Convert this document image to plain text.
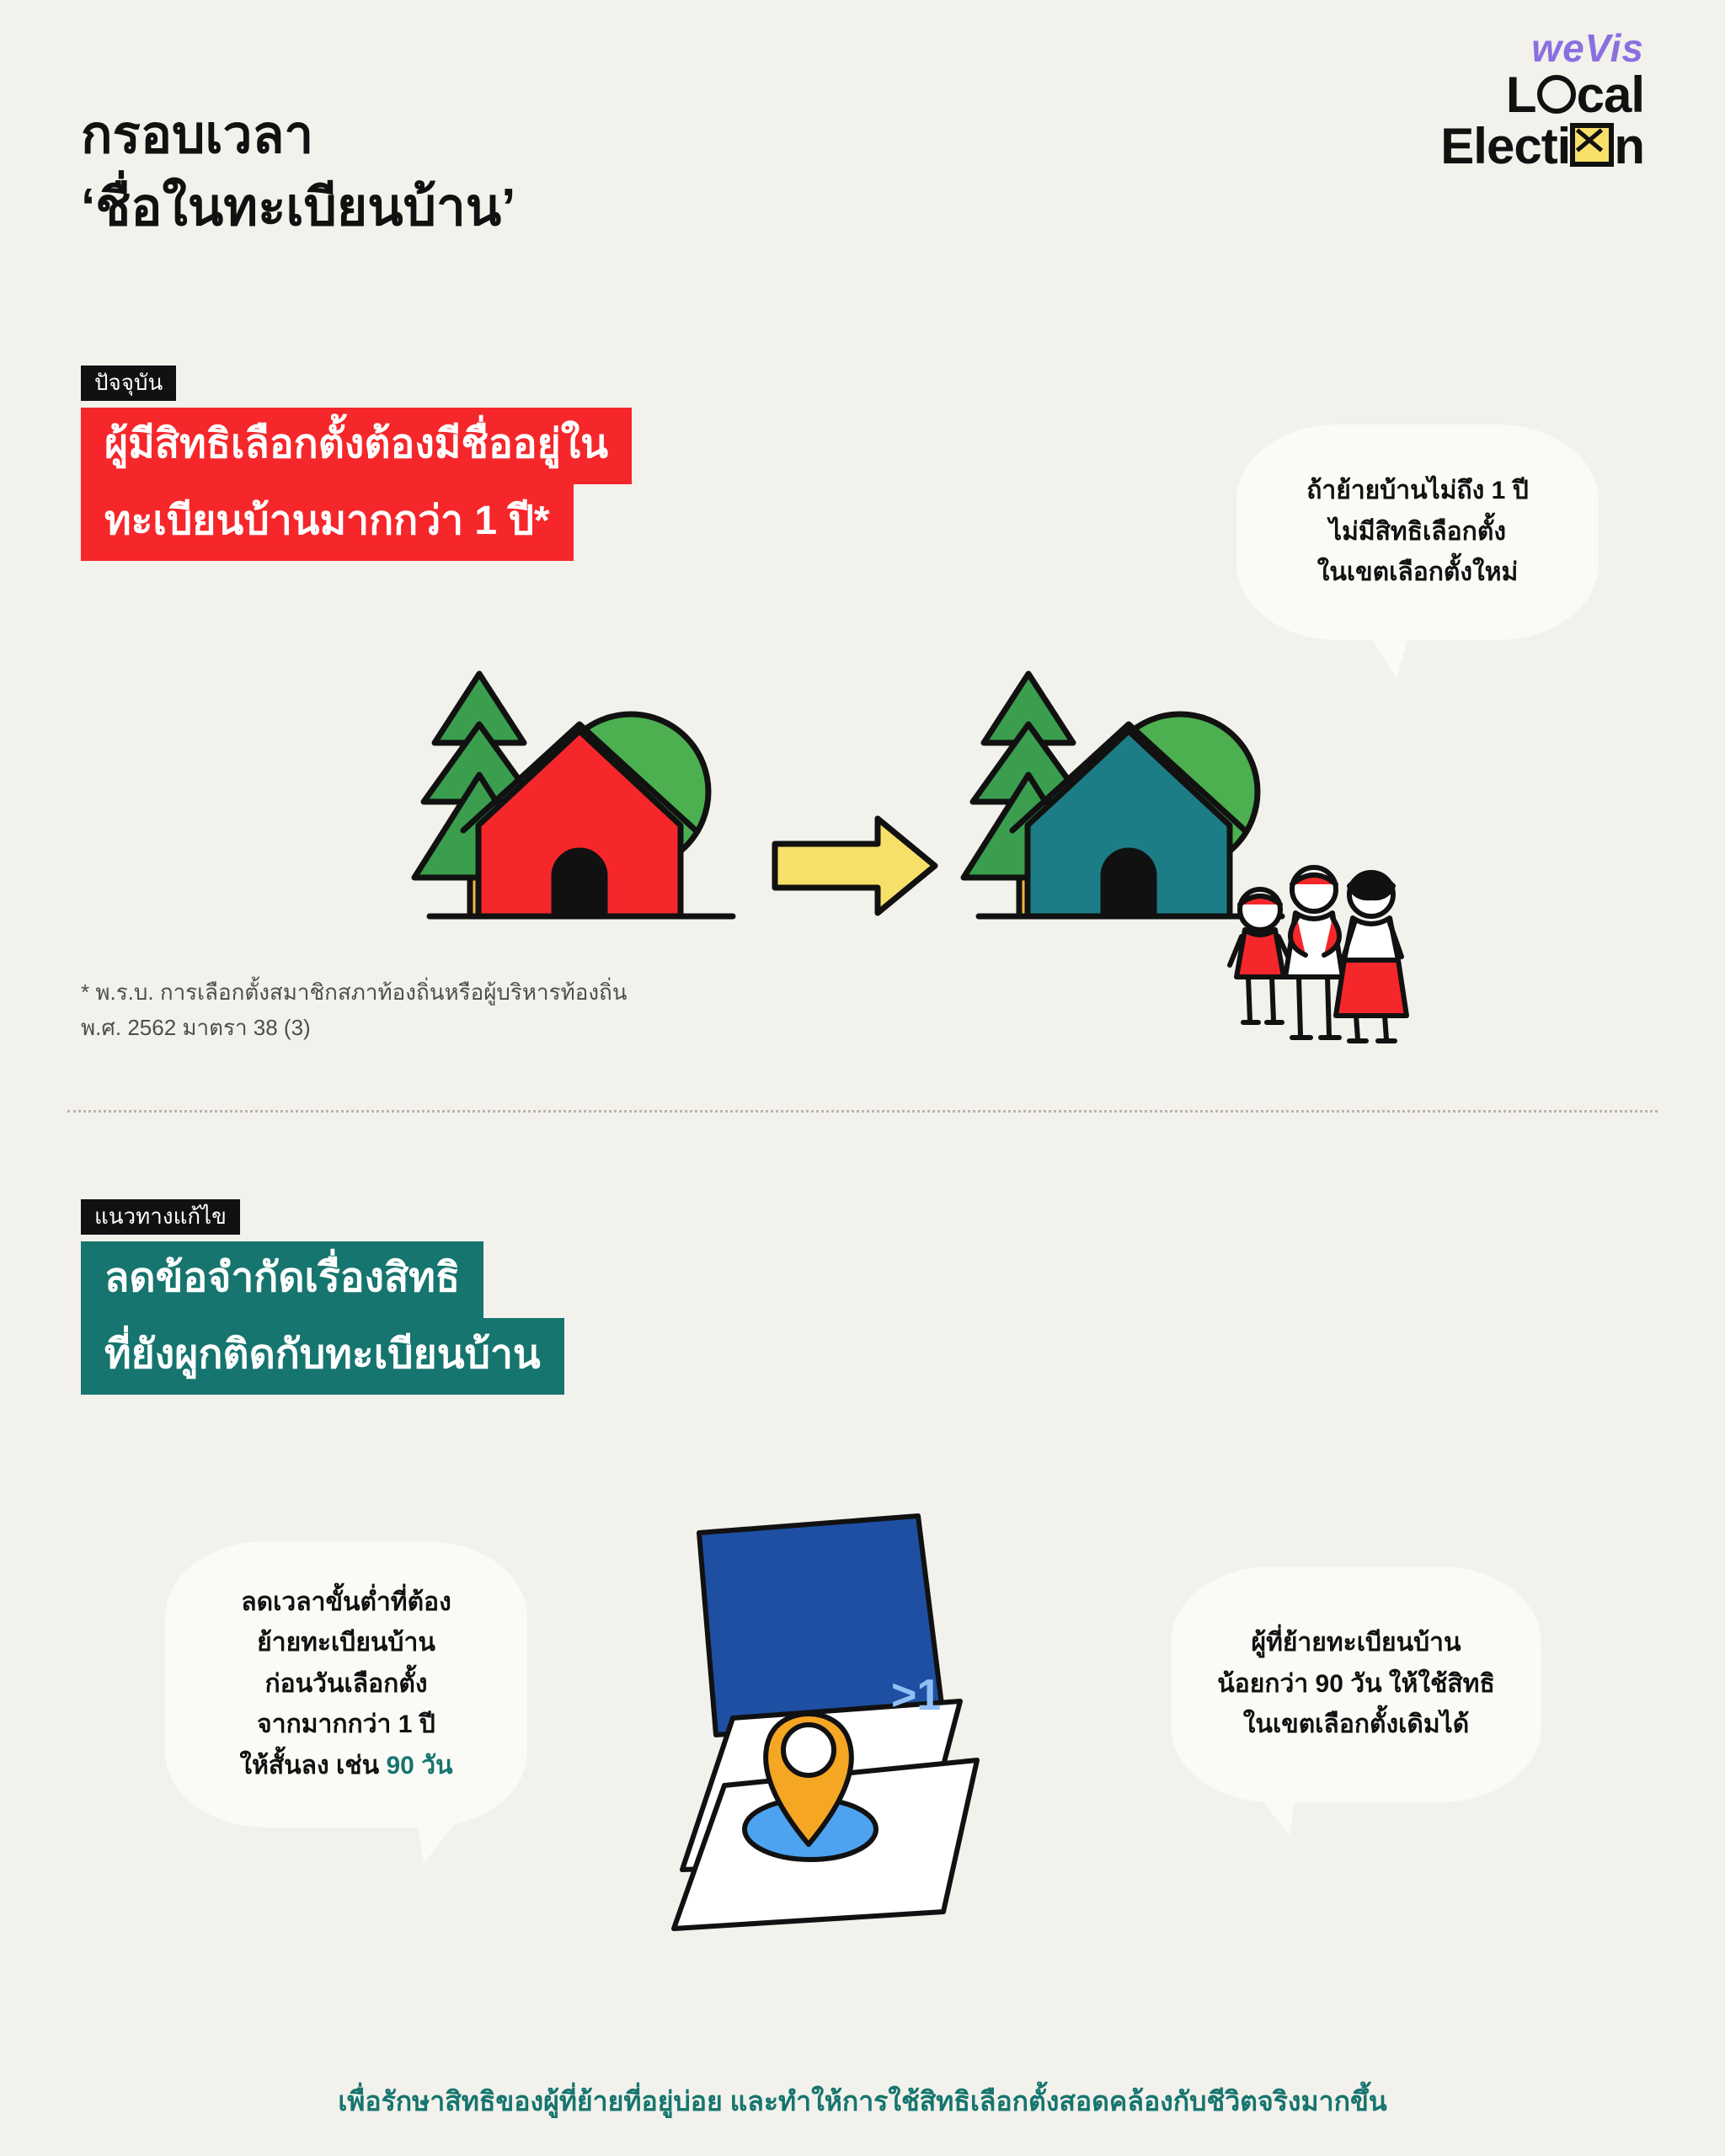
weVis
L cal
Electi n
กรอบเวลา
‘ชื่อในทะเบียนบ้าน’
ปัจจุบัน
ผู้มีสิทธิเลือกตั้งต้องมีชื่ออยู่ใน
ทะเบียนบ้านมากกว่า 1 ปี*
ถ้าย้ายบ้านไม่ถึง 1 ปี
ไม่มีสิทธิเลือกตั้ง
ในเขตเลือกตั้งใหม่
* พ.ร.บ. การเลือกตั้งสมาชิกสภาท้องถิ่นหรือผู้บริหารท้องถิ่น
พ.ศ. 2562 มาตรา 38 (3)
แนวทางแก้ไข
ลดข้อจำกัดเรื่องสิทธิ
ที่ยังผูกติดกับทะเบียนบ้าน
ลดเวลาขั้นต่ำที่ต้อง
ย้ายทะเบียนบ้าน
ก่อนวันเลือกตั้ง
จากมากกว่า 1 ปี
ให้สั้นลง เช่น 90 วัน
ผู้ที่ย้ายทะเบียนบ้าน
น้อยกว่า 90 วัน ให้ใช้สิทธิ
ในเขตเลือกตั้งเดิมได้
>1
เพื่อรักษาสิทธิของผู้ที่ย้ายที่อยู่บ่อย และทำให้การใช้สิทธิเลือกตั้งสอดคล้องกับชีวิตจริงมากขึ้น
